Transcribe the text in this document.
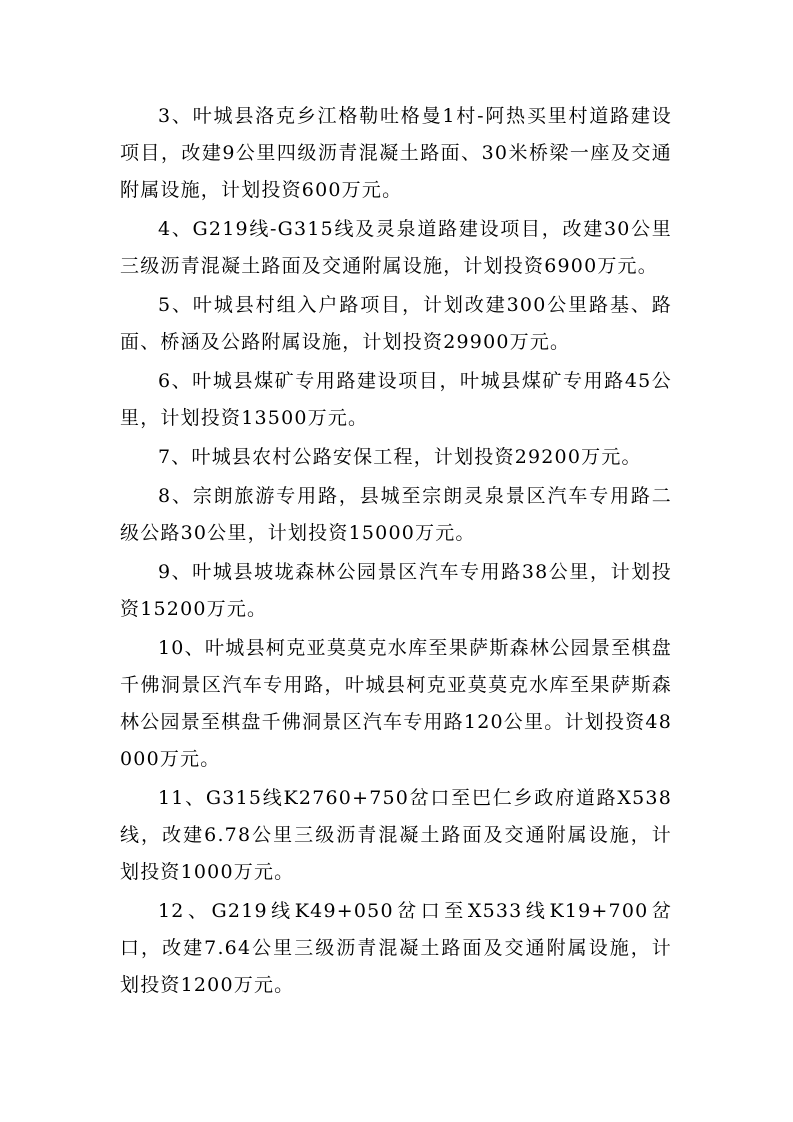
3、叶城县洛克乡江格勒吐格曼1村-阿热买里村道路建设项目，改建9公里四级沥青混凝土路面、30米桥梁一座及交通附属设施，计划投资600万元。

4、G219线-G315线及灵泉道路建设项目，改建30公里三级沥青混凝土路面及交通附属设施，计划投资6900万元。

5、叶城县村组入户路项目，计划改建300公里路基、路面、桥涵及公路附属设施，计划投资29900万元。

6、叶城县煤矿专用路建设项目，叶城县煤矿专用路45公里，计划投资13500万元。

7、叶城县农村公路安保工程，计划投资29200万元。

8、宗朗旅游专用路，县城至宗朗灵泉景区汽车专用路二级公路30公里，计划投资15000万元。

9、叶城县坡垅森林公园景区汽车专用路38公里，计划投资15200万元。

10、叶城县柯克亚莫莫克水库至果萨斯森林公园景至棋盘千佛洞景区汽车专用路，叶城县柯克亚莫莫克水库至果萨斯森林公园景至棋盘千佛洞景区汽车专用路120公里。计划投资48000万元。

11、G315线K2760+750岔口至巴仁乡政府道路X538线，改建6.78公里三级沥青混凝土路面及交通附属设施，计划投资1000万元。

12、G219线K49+050岔口至X533线K19+700岔口，改建7.64公里三级沥青混凝土路面及交通附属设施，计划投资1200万元。
